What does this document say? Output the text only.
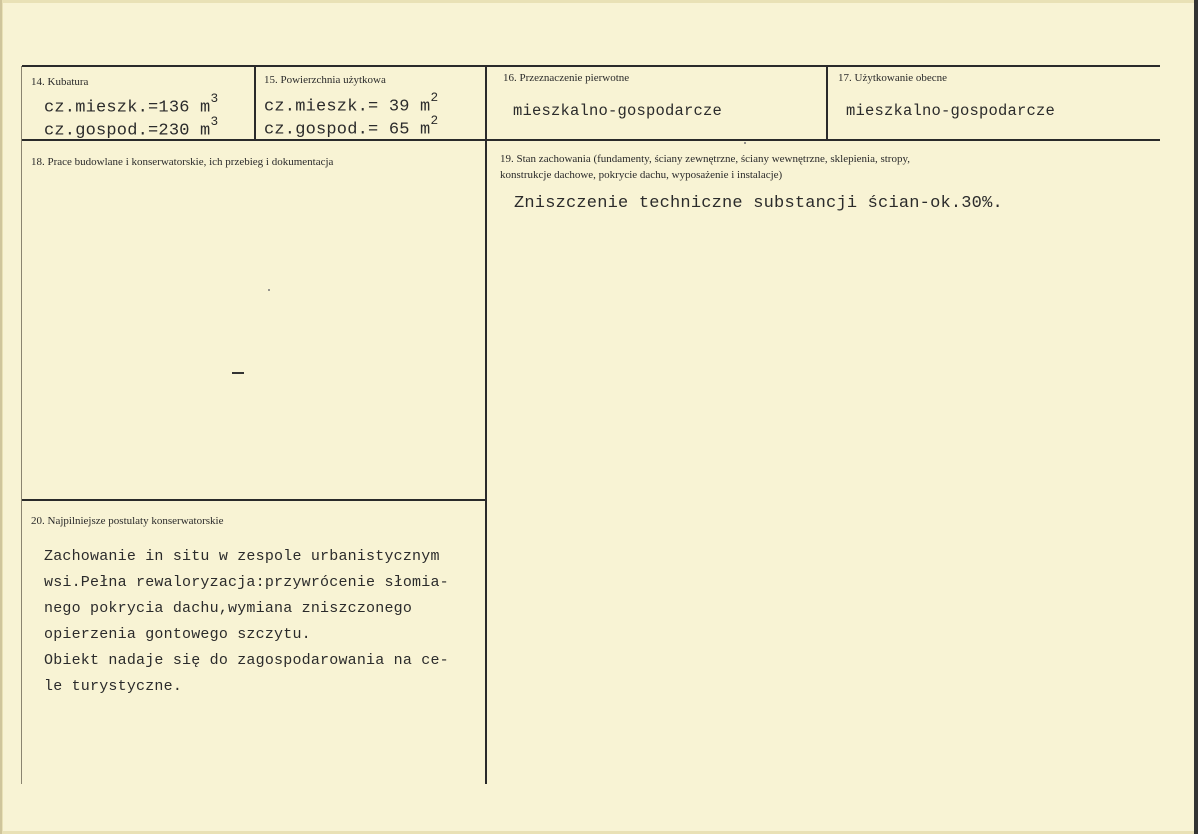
14. Kubatura
cz.mieszk.=136 $m^3$
cz.gospod.=230 $m^3$
15. Powierzchnia użytkowa
cz.mieszk.= 39 $m^2$
cz.gospod.= 65 $m^2$
16. Przeznaczenie pierwotne
mieszkalno-gospodarcze
17. Użytkowanie obecne
mieszkalno-gospodarcze
18. Prace budowlane i konserwatorskie, ich przebieg i dokumentacja	19. Stan zachowania (fundamenty, ściany zewnętrzne, ściany wewnętrzne, sklepienia, stropy,
konstrukcje dachowe, pokrycie dachu, wyposażenie i instalacje)
Zniszczenie techniczne substancji ścian-ok.30%.
20. Najpilniejsze postulaty konserwatorskie
Zachowanie in situ w zespole urbanistycznym
wsi.Pełna rewaloryzacja:przywrócenie słomia-
nego pokrycia dachu,wymiana zniszczonego
opierzenia gontowego szczytu.
Obiekt nadaje się do zagospodarowania na ce-
le turystyczne.
